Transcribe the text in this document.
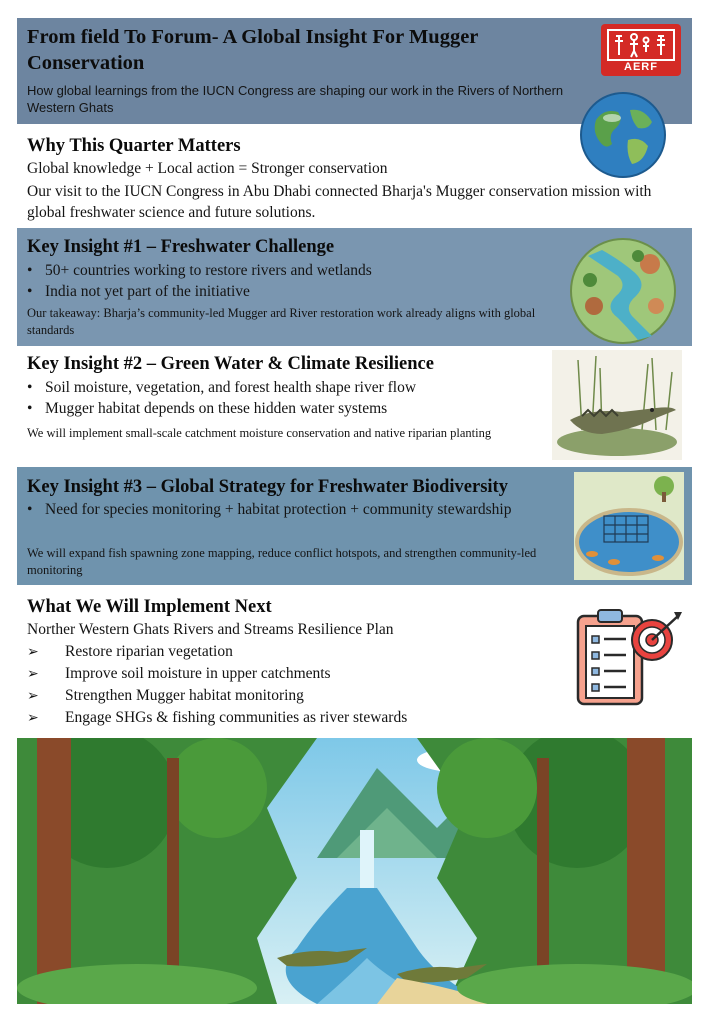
From field To Forum- A Global Insight For Mugger Conservation
How global learnings from the IUCN Congress are shaping our work in the Rivers of Northern Western Ghats
AERF
Why This Quarter Matters
Global knowledge + Local action = Stronger conservation
Our visit to the IUCN Congress in Abu Dhabi connected Bharja's Mugger conservation mission with global freshwater science and future solutions.
Key Insight #1 – Freshwater Challenge
• 50+ countries working to restore rivers and wetlands
• India not yet part of the initiative
Our takeaway: Bharja’s community-led Mugger ard River restoration work already aligns with global standards
Key Insight #2 – Green Water & Climate Resilience
• Soil moisture, vegetation, and forest health shape river flow
• Mugger habitat depends on these hidden water systems
We will implement small-scale catchment moisture conservation and native riparian planting
Key Insight #3 – Global Strategy for Freshwater Biodiversity
• Need for species monitoring + habitat protection + community stewardship
We will expand fish spawning zone mapping, reduce conflict hotspots, and strengthen community-led monitoring
What We Will Implement Next
Norther Western Ghats Rivers and Streams Resilience Plan
➢ Restore riparian vegetation
➢ Improve soil moisture in upper catchments
➢ Strengthen Mugger habitat monitoring
➢ Engage SHGs & fishing communities as river stewards
